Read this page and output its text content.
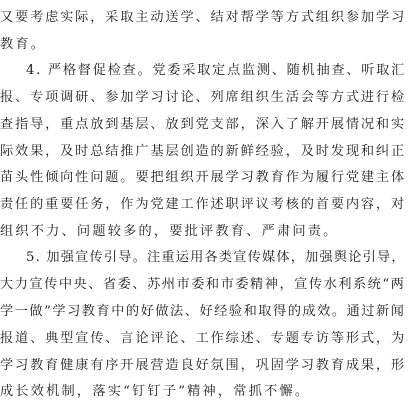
又要考虑实际，采取主动送学、结对帮学等方式组织参加学习
教育。
4. 严格督促检查。党委采取定点监测、随机抽查、听取汇
报、专项调研、参加学习讨论、列席组织生活会等方式进行检
查指导，重点放到基层、放到党支部，深入了解开展情况和实
际效果，及时总结推广基层创造的新鲜经验，及时发现和纠正
苗头性倾向性问题。要把组织开展学习教育作为履行党建主体
责任的重要任务，作为党建工作述职评议考核的首要内容，对
组织不力、问题较多的，要批评教育、严肃问责。
5. 加强宣传引导。注重运用各类宣传媒体，加强舆论引导，
大力宣传中央、省委、苏州市委和市委精神，宣传水利系统“两
学一做”学习教育中的好做法、好经验和取得的成效。通过新闻
报道、典型宣传、言论评论、工作综述、专题专访等形式，为
学习教育健康有序开展营造良好氛围，巩固学习教育成果，形
成长效机制，落实“钉钉子”精神，常抓不懈。
